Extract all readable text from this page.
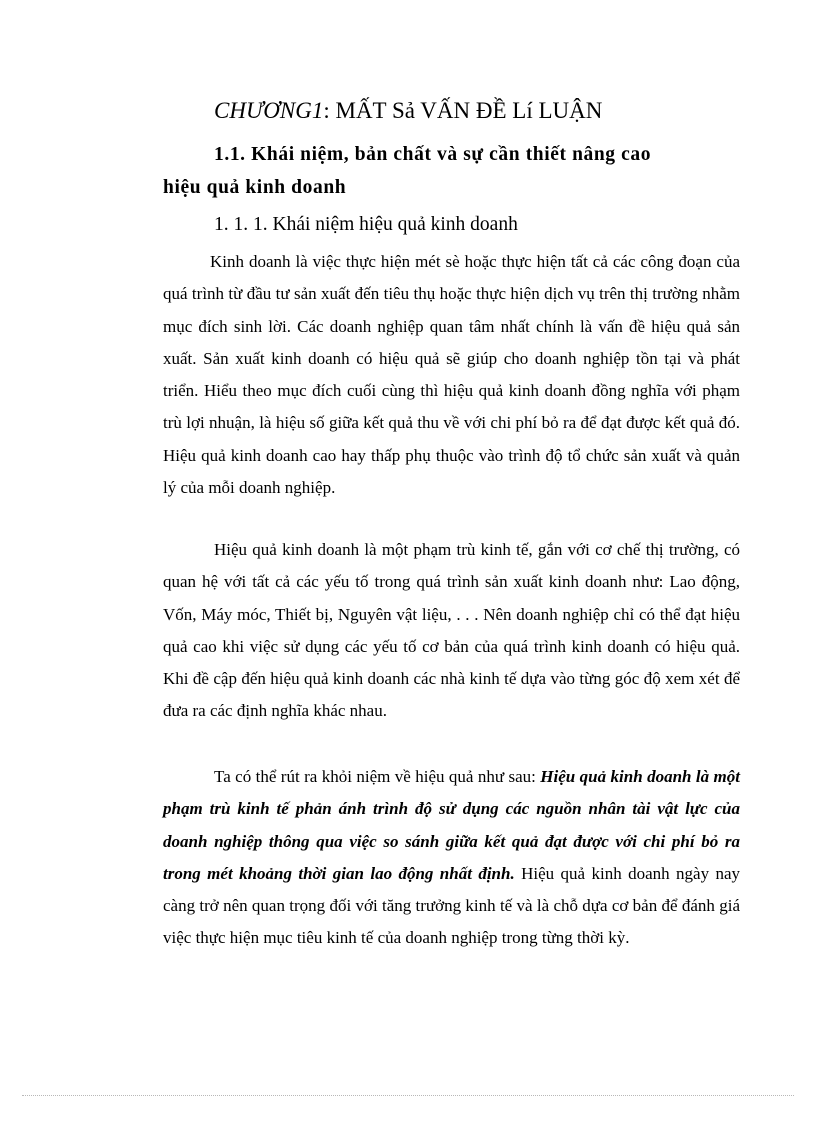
CHƯƠNG1: MẤT Sả VẤN ĐỀ Lí LUẬN
1.1. Khái niệm, bản chất và sự cần thiết nâng cao
hiệu quả kinh doanh
1. 1. 1. Khái niệm hiệu quả kinh doanh

Kinh doanh là việc thực hiện mét sè hoặc thực hiện tất cả các công đoạn của quá trình từ đầu tư sản xuất đến tiêu thụ hoặc thực hiện dịch vụ trên thị trường nhằm mục đích sinh lời. Các doanh nghiệp quan tâm nhất chính là vấn đề hiệu quả sản xuất. Sản xuất kinh doanh có hiệu quả sẽ giúp cho doanh nghiệp tồn tại và phát triển. Hiểu theo mục đích cuối cùng thì hiệu quả kinh doanh đồng nghĩa với phạm trù lợi nhuận, là hiệu số giữa kết quả thu về với chi phí bỏ ra để đạt được kết quả đó. Hiệu quả kinh doanh cao hay thấp phụ thuộc vào trình độ tổ chức sản xuất và quản lý của mỗi doanh nghiệp.

Hiệu quả kinh doanh là một phạm trù kinh tế, gắn với cơ chế thị trường, có quan hệ với tất cả các yếu tố trong quá trình sản xuất kinh doanh như: Lao động, Vốn, Máy móc, Thiết bị, Nguyên vật liệu, . . . Nên doanh nghiệp chỉ có thể đạt hiệu quả cao khi việc sử dụng các yếu tố cơ bản của quá trình kinh doanh có hiệu quả. Khi đề cập đến hiệu quả kinh doanh các nhà kinh tế dựa vào từng góc độ xem xét để đưa ra các định nghĩa khác nhau.

Ta có thể rút ra khỏi niệm về hiệu quả như sau: Hiệu quả kinh doanh là một phạm trù kinh tế phản ánh trình độ sử dụng các nguồn nhân tài vật lực của doanh nghiệp thông qua việc so sánh giữa kết quả đạt được với chi phí bỏ ra trong mét khoảng thời gian lao động nhất định. Hiệu quả kinh doanh ngày nay càng trở nên quan trọng đối với tăng trưởng kinh tế và là chỗ dựa cơ bản để đánh giá việc thực hiện mục tiêu kinh tế của doanh nghiệp trong từng thời kỳ.
